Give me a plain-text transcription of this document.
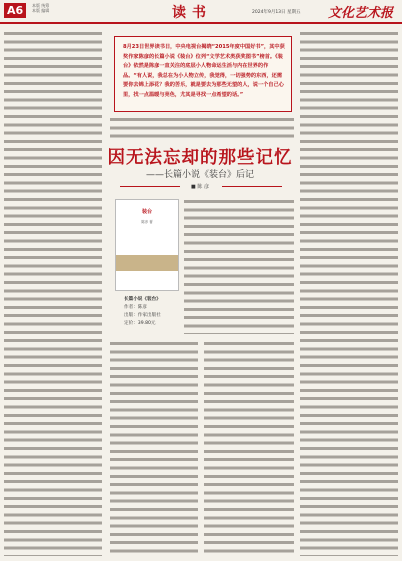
A6	本版 统筹
本版 编辑	读书	2024年9月13日 星期五 文化艺术报
8月23日世界读书日，中央电视台揭晓“2015年度中国好书”，其中获奖作家陈彦的长篇小说《装台》位列“文学艺术类获奖图书”榜首。《装台》依然是陈彦一直关注的底层小人物命运生活与内在世界的作品。“有人说，我总在为小人物立传，我觉得，一切强势的东西，还需要你去锦上添花？我的苦乐，就是要去为那些无望的人，说一个自己心里，找一点温暖与亮色，尤其是寻找一点希望的话。”
因无法忘却的那些记忆
——长篇小说《装台》后记
■ 陈 彦
装台
陈彦 著
长篇小说《装台》
作者：陈彦
出版：作家出版社
定价：39.80元
